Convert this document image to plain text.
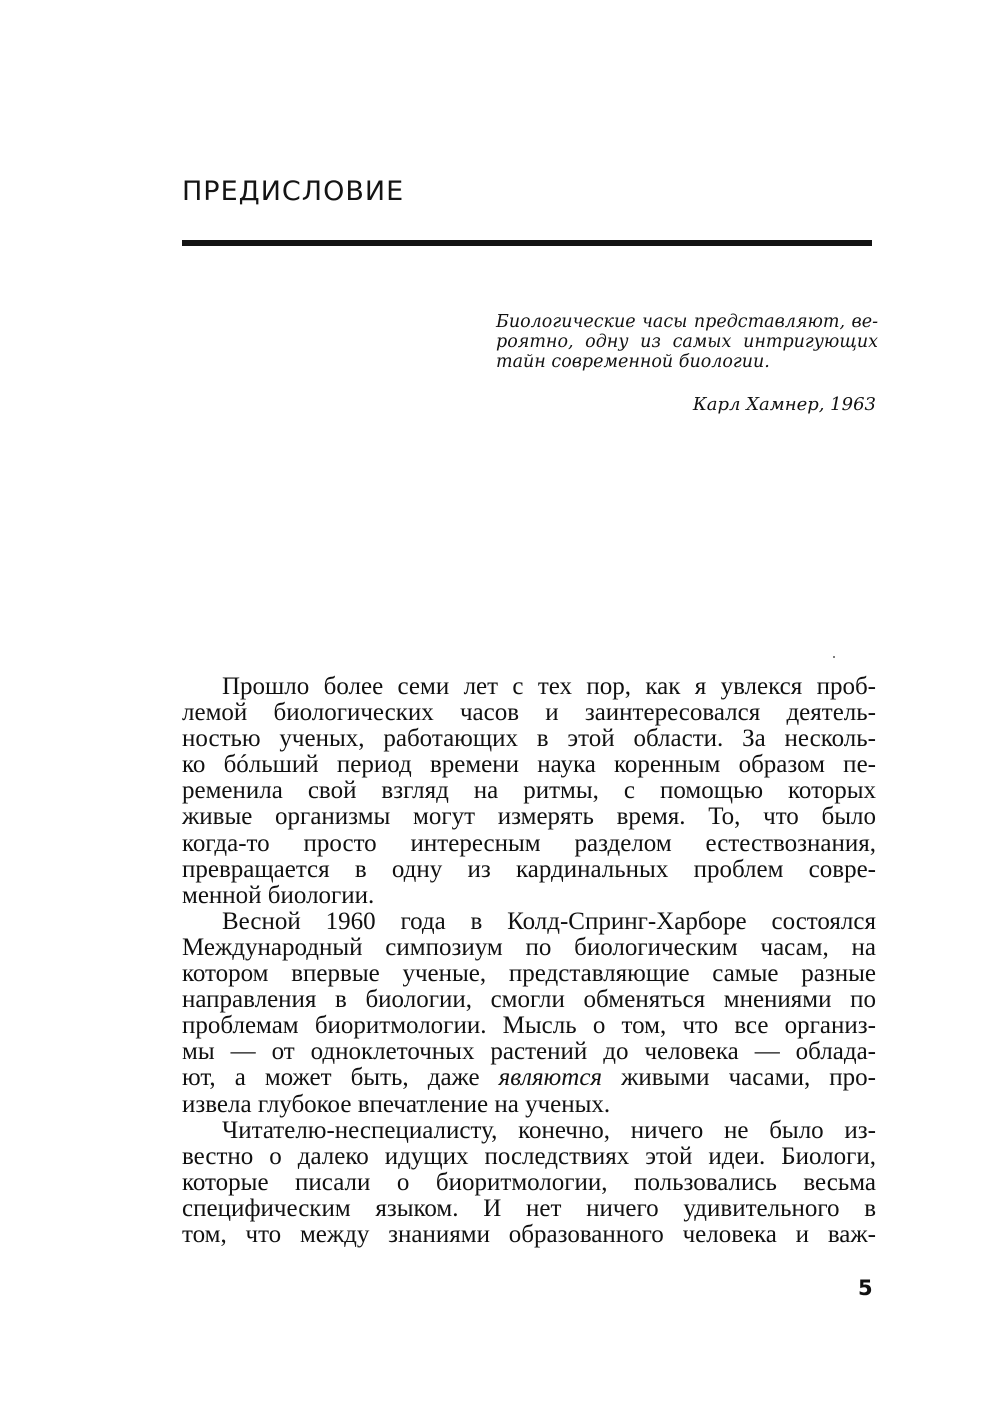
ПРЕДИСЛОВИЕ
Биологические часы представляют, ве-
роятно, одну из самых интригующих
тайн современной биологии.

Карл Хамнер, 1963

Прошло более семи лет с тех пор, как я увлекся проб-
лемой биологических часов и заинтересовался деятель-
ностью ученых, работающих в этой области. За несколь-
ко бóльший период времени наука коренным образом пе-
ременила свой взгляд на ритмы, с помощью которых
живые организмы могут измерять время. То, что было
когда-то просто интересным разделом естествознания,
превращается в одну из кардинальных проблем совре-
менной биологии.
Весной 1960 года в Колд-Спринг-Харборе состоялся
Международный симпозиум по биологическим часам, на
котором впервые ученые, представляющие самые разные
направления в биологии, смогли обменяться мнениями по
проблемам биоритмологии. Мысль о том, что все организ-
мы — от одноклеточных растений до человека — облада-
ют, а может быть, даже являются живыми часами, про-
извела глубокое впечатление на ученых.
Читателю-неспециалисту, конечно, ничего не было из-
вестно о далеко идущих последствиях этой идеи. Биологи,
которые писали о биоритмологии, пользовались весьма
специфическим языком. И нет ничего удивительного в
том, что между знаниями образованного человека и важ-

5
